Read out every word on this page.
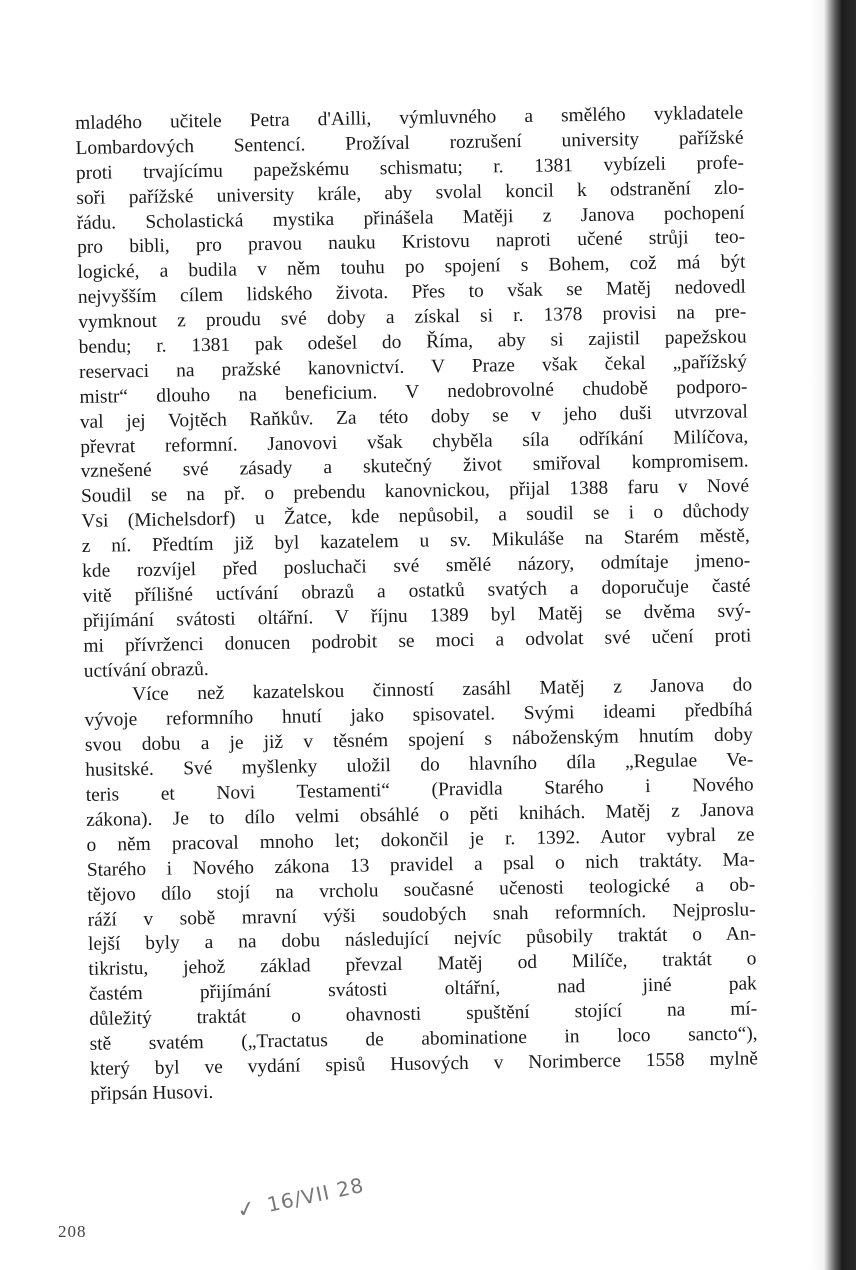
mladého učitele Petra d'Ailli, výmluvného a smělého vykladatele
Lombardových Sentencí. Prožíval rozrušení university pařížské
proti trvajícímu papežskému schismatu; r. 1381 vybízeli profe-
soři pařížské university krále, aby svolal koncil k odstranění zlo-
řádu. Scholastická mystika přinášela Matěji z Janova pochopení
pro bibli, pro pravou nauku Kristovu naproti učené strůji teo-
logické, a budila v něm touhu po spojení s Bohem, což má být
nejvyšším cílem lidského života. Přes to však se Matěj nedovedl
vymknout z proudu své doby a získal si r. 1378 provisi na pre-
bendu; r. 1381 pak odešel do Říma, aby si zajistil papežskou
reservaci na pražské kanovnictví. V Praze však čekal „pařížský
mistr“ dlouho na beneficium. V nedobrovolné chudobě podporo-
val jej Vojtěch Raňkův. Za této doby se v jeho duši utvrzoval
převrat reformní. Janovovi však chyběla síla odříkání Milíčova,
vznešené své zásady a skutečný život smiřoval kompromisem.
Soudil se na př. o prebendu kanovnickou, přijal 1388 faru v Nové
Vsi (Michelsdorf) u Žatce, kde nepůsobil, a soudil se i o důchody
z ní. Předtím již byl kazatelem u sv. Mikuláše na Starém městě,
kde rozvíjel před posluchači své smělé názory, odmítaje jmeno-
vitě přílišné uctívání obrazů a ostatků svatých a doporučuje časté
přijímání svátosti oltářní. V říjnu 1389 byl Matěj se dvěma svý-
mi přívrženci donucen podrobit se moci a odvolat své učení proti
uctívání obrazů.
Více než kazatelskou činností zasáhl Matěj z Janova do
vývoje reformního hnutí jako spisovatel. Svými ideami předbíhá
svou dobu a je již v těsném spojení s náboženským hnutím doby
husitské. Své myšlenky uložil do hlavního díla „Regulae Ve-
teris et Novi Testamenti“ (Pravidla Starého i Nového
zákona). Je to dílo velmi obsáhlé o pěti knihách. Matěj z Janova
o něm pracoval mnoho let; dokončil je r. 1392. Autor vybral ze
Starého i Nového zákona 13 pravidel a psal o nich traktáty. Ma-
tějovo dílo stojí na vrcholu současné učenosti teologické a ob-
ráží v sobě mravní výši soudobých snah reformních. Nejproslu-
lejší byly a na dobu následující nejvíc působily traktát o An-
tikristu, jehož základ převzal Matěj od Milíče, traktát o
častém přijímání svátosti oltářní, nad jiné pak
důležitý traktát o ohavnosti spuštění stojící na mí-
stě svatém („Tractatus de abominatione in loco sancto“),
který byl ve vydání spisů Husových v Norimberce 1558 mylně
připsán Husovi.
208
✓ 16/VII 28
